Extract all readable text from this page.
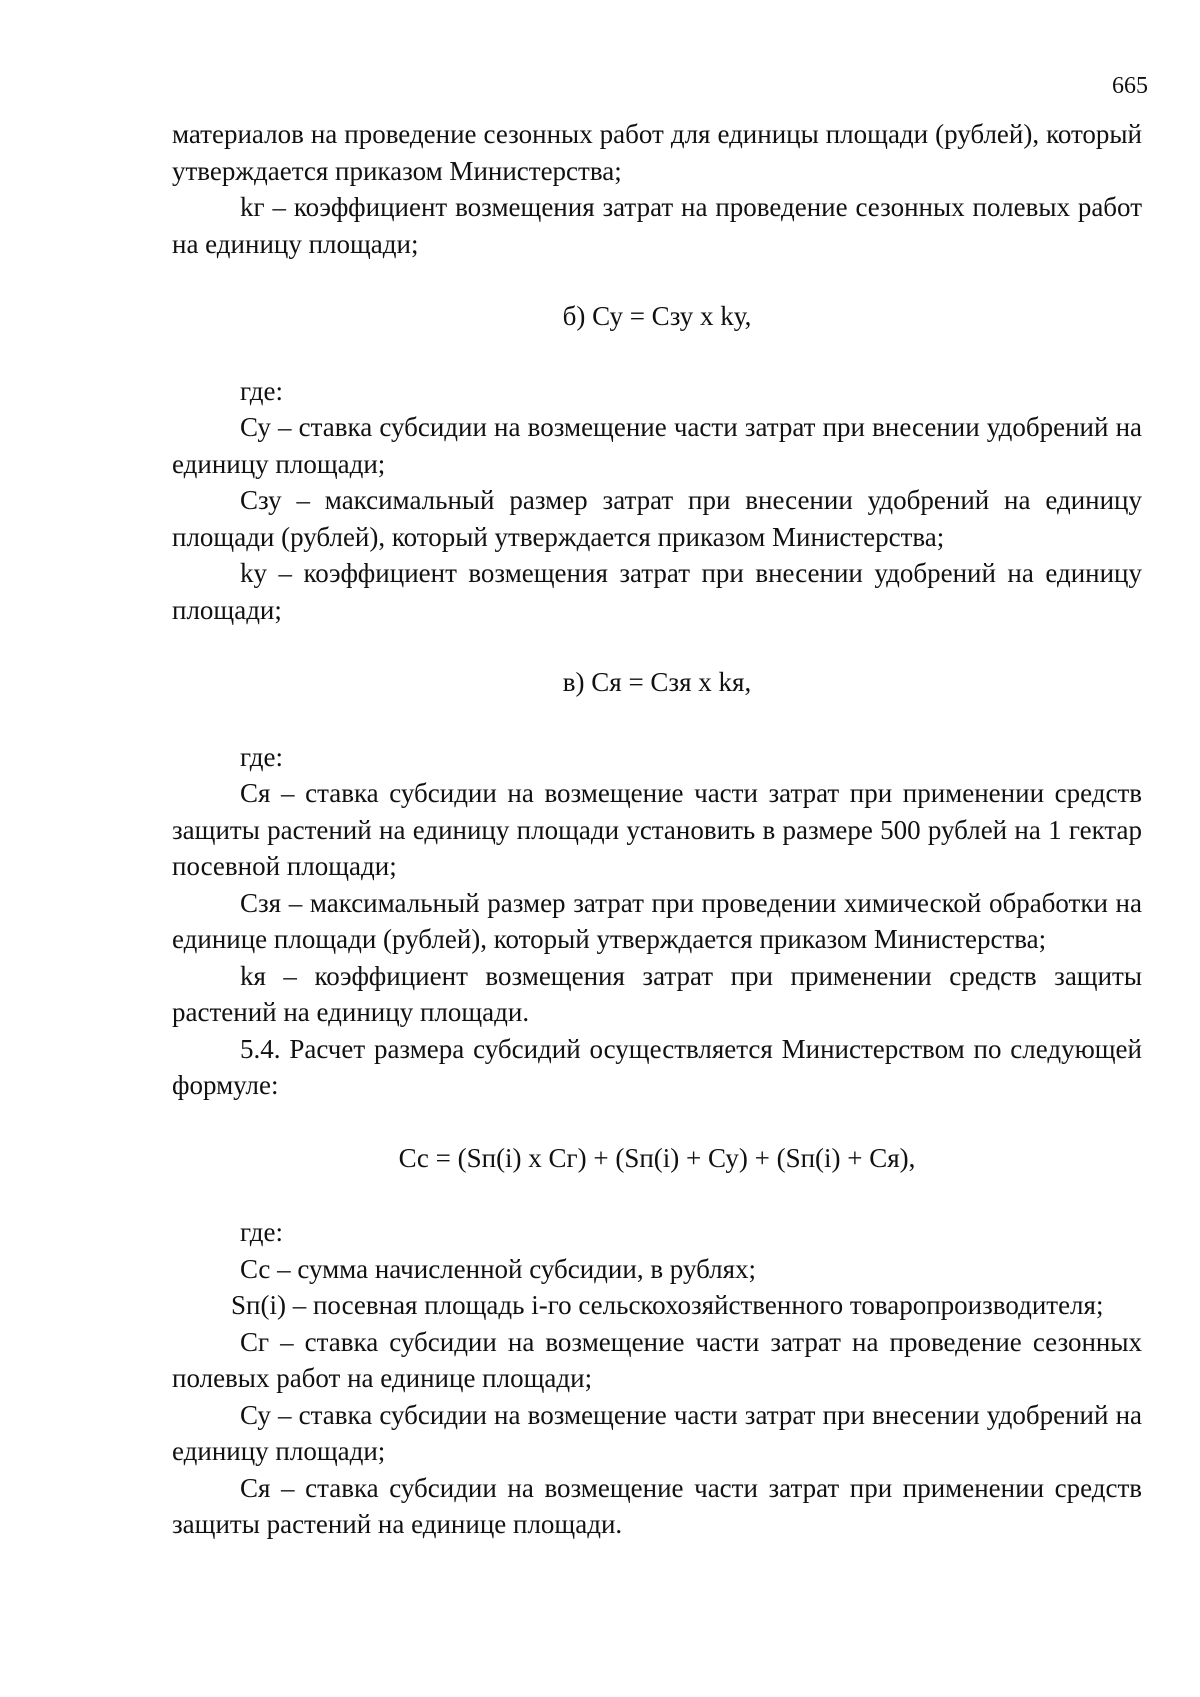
665

материалов на проведение сезонных работ для единицы площади (рублей), который утверждается приказом Министерства;

kг – коэффициент возмещения затрат на проведение сезонных полевых работ на единицу площади;

б) Су = Сзу х kу,

где:

Су – ставка субсидии на возмещение части затрат при внесении удобрений на единицу площади;

Сзу – максимальный размер затрат при внесении удобрений на единицу площади (рублей), который утверждается приказом Министерства;

kу – коэффициент возмещения затрат при внесении удобрений на единицу площади;

в) Ся = Сзя х kя,

где:

Ся – ставка субсидии на возмещение части затрат при применении средств защиты растений на единицу площади установить в размере 500 рублей на 1 гектар посевной площади;

Сзя – максимальный размер затрат при проведении химической обработки на единице площади (рублей), который утверждается приказом Министерства;

kя – коэффициент возмещения затрат при применении средств защиты растений на единицу площади.

5.4. Расчет размера субсидий осуществляется Министерством по следующей формуле:

Сс = (Sп(i) х Сг) + (Sп(i) + Су) + (Sп(i) + Ся),

где:

Сс – сумма начисленной субсидии, в рублях;

Sп(i) – посевная площадь i-го сельскохозяйственного товаропроизводителя;

Сг – ставка субсидии на возмещение части затрат на проведение сезонных полевых работ на единице площади;

Су – ставка субсидии на возмещение части затрат при внесении удобрений на единицу площади;

Ся – ставка субсидии на возмещение части затрат при применении средств защиты растений на единице площади.
